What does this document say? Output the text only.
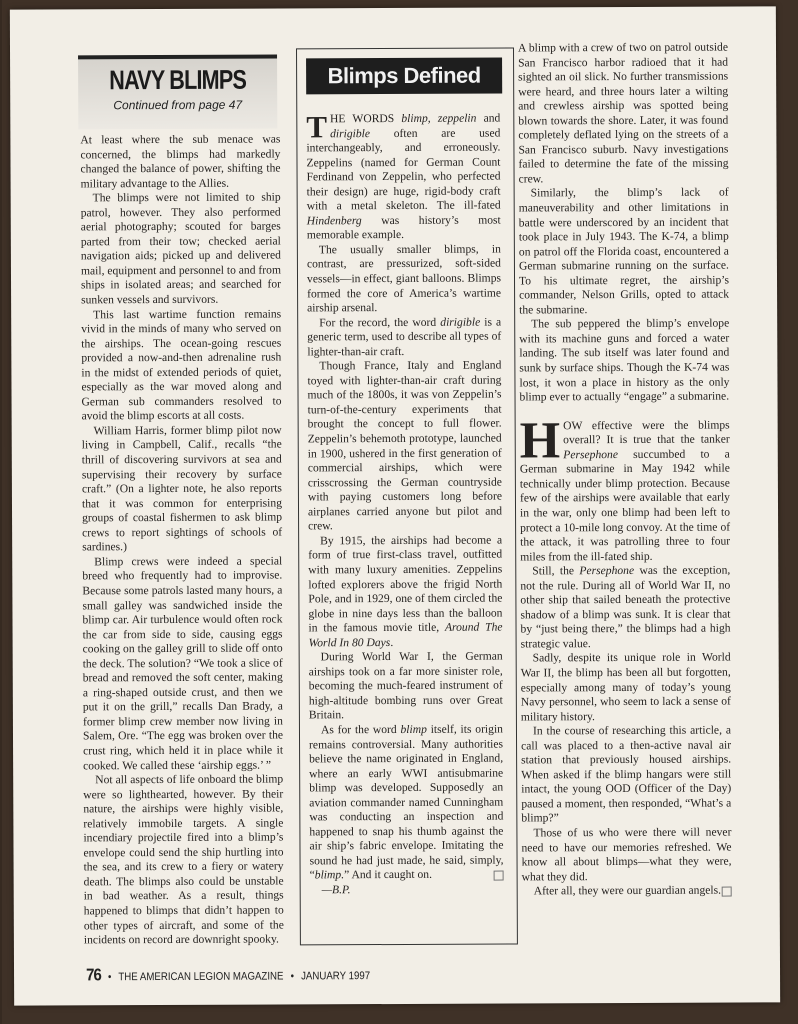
NAVY BLIMPS
Continued from page 47

At least where the sub menace was concerned, the blimps had markedly changed the balance of power, shifting the military advantage to the Allies.

The blimps were not limited to ship patrol, however. They also performed aerial photography; scouted for barges parted from their tow; checked aerial navigation aids; picked up and delivered mail, equipment and personnel to and from ships in isolated areas; and searched for sunken vessels and survivors.

This last wartime function remains vivid in the minds of many who served on the airships. The ocean-going rescues provided a now-and-then adrenaline rush in the midst of extended periods of quiet, especially as the war moved along and German sub commanders resolved to avoid the blimp escorts at all costs.

William Harris, former blimp pilot now living in Campbell, Calif., recalls “the thrill of discovering survivors at sea and supervising their recovery by surface craft.” (On a lighter note, he also reports that it was common for enterprising groups of coastal fishermen to ask blimp crews to report sightings of schools of sardines.)

Blimp crews were indeed a special breed who frequently had to improvise. Because some patrols lasted many hours, a small galley was sandwiched inside the blimp car. Air turbulence would often rock the car from side to side, causing eggs cooking on the galley grill to slide off onto the deck. The solution? “We took a slice of bread and removed the soft center, making a ring-shaped outside crust, and then we put it on the grill,” recalls Dan Brady, a former blimp crew member now living in Salem, Ore. “The egg was broken over the crust ring, which held it in place while it cooked. We called these ‘airship eggs.’ ”

Not all aspects of life onboard the blimp were so lighthearted, however. By their nature, the airships were highly visible, relatively immobile targets. A single incendiary projectile fired into a blimp’s envelope could send the ship hurtling into the sea, and its crew to a fiery or watery death. The blimps also could be unstable in bad weather. As a result, things happened to blimps that didn’t happen to other types of aircraft, and some of the incidents on record are downright spooky.

Blimps Defined

THE WORDS blimp, zeppelin and dirigible often are used interchangeably, and erroneously. Zeppelins (named for German Count Ferdinand von Zeppelin, who perfected their design) are huge, rigid-body craft with a metal skeleton. The ill-fated Hindenberg was history’s most memorable example.

The usually smaller blimps, in contrast, are pressurized, soft-sided vessels—in effect, giant balloons. Blimps formed the core of America’s wartime airship arsenal.

For the record, the word dirigible is a generic term, used to describe all types of lighter-than-air craft.

Though France, Italy and England toyed with lighter-than-air craft during much of the 1800s, it was von Zeppelin’s turn-of-the-century experiments that brought the concept to full flower. Zeppelin’s behemoth prototype, launched in 1900, ushered in the first generation of commercial airships, which were crisscrossing the German countryside with paying customers long before airplanes carried anyone but pilot and crew.

By 1915, the airships had become a form of true first-class travel, outfitted with many luxury amenities. Zeppelins lofted explorers above the frigid North Pole, and in 1929, one of them circled the globe in nine days less than the balloon in the famous movie title, Around The World In 80 Days.

During World War I, the German airships took on a far more sinister role, becoming the much-feared instrument of high-altitude bombing runs over Great Britain.

As for the word blimp itself, its origin remains controversial. Many authorities believe the name originated in England, where an early WWI antisubmarine blimp was developed. Supposedly an aviation commander named Cunningham was conducting an inspection and happened to snap his thumb against the air ship’s fabric envelope. Imitating the sound he had just made, he said, simply, “blimp.” And it caught on.

—B.P.

A blimp with a crew of two on patrol outside San Francisco harbor radioed that it had sighted an oil slick. No further transmissions were heard, and three hours later a wilting and crewless airship was spotted being blown towards the shore. Later, it was found completely deflated lying on the streets of a San Francisco suburb. Navy investigations failed to determine the fate of the missing crew.

Similarly, the blimp’s lack of maneuverability and other limitations in battle were underscored by an incident that took place in July 1943. The K-74, a blimp on patrol off the Florida coast, encountered a German submarine running on the surface. To his ultimate regret, the airship’s commander, Nelson Grills, opted to attack the submarine.

The sub peppered the blimp’s envelope with its machine guns and forced a water landing. The sub itself was later found and sunk by surface ships. Though the K-74 was lost, it won a place in history as the only blimp ever to actually “engage” a submarine.

HOW effective were the blimps overall? It is true that the tanker Persephone succumbed to a German submarine in May 1942 while technically under blimp protection. Because few of the airships were available that early in the war, only one blimp had been left to protect a 10-mile long convoy. At the time of the attack, it was patrolling three to four miles from the ill-fated ship.

Still, the Persephone was the exception, not the rule. During all of World War II, no other ship that sailed beneath the protective shadow of a blimp was sunk. It is clear that by “just being there,” the blimps had a high strategic value.

Sadly, despite its unique role in World War II, the blimp has been all but forgotten, especially among many of today’s young Navy personnel, who seem to lack a sense of military history.

In the course of researching this article, a call was placed to a then-active naval air station that previously housed airships. When asked if the blimp hangars were still intact, the young OOD (Officer of the Day) paused a moment, then responded, “What’s a blimp?”

Those of us who were there will never need to have our memories refreshed. We know all about blimps—what they were, what they did.

After all, they were our guardian angels.

76 • THE AMERICAN LEGION MAGAZINE • JANUARY 1997
